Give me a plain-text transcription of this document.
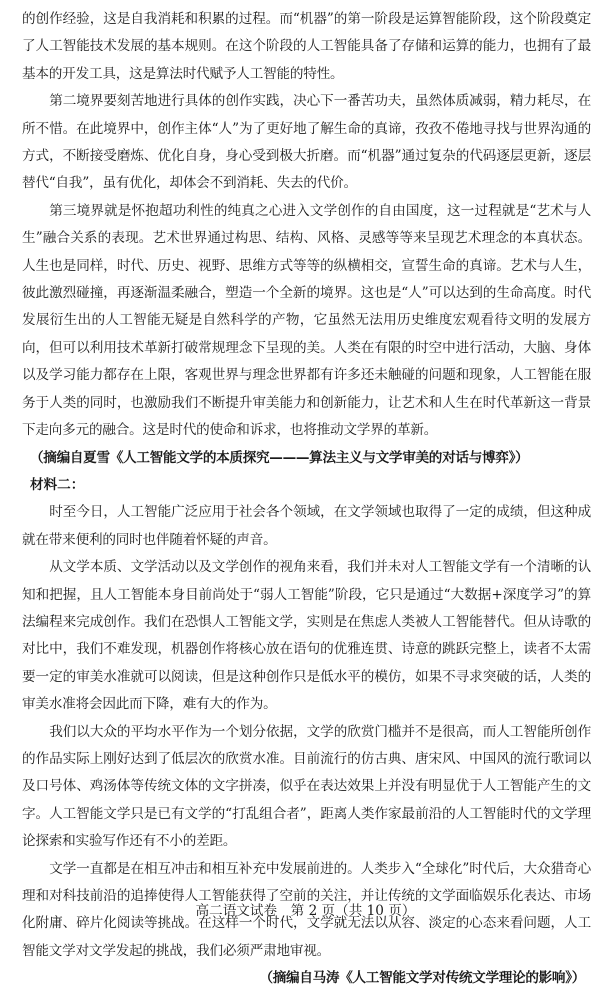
的创作经验，这是自我消耗和积累的过程。而“机器”的第一阶段是运算智能阶段，这个阶段奠定了人工智能技术发展的基本规则。在这个阶段的人工智能具备了存储和运算的能力，也拥有了最基本的开发工具，这是算法时代赋予人工智能的特性。

第二境界要刻苦地进行具体的创作实践，决心下一番苦功夫，虽然体质减弱，精力耗尽，在所不惜。在此境界中，创作主体“人”为了更好地了解生命的真谛，孜孜不倦地寻找与世界沟通的方式，不断接受磨炼、优化自身，身心受到极大折磨。而“机器”通过复杂的代码逐层更新，逐层替代“自我”，虽有优化，却体会不到消耗、失去的代价。

第三境界就是怀抱超功利性的纯真之心进入文学创作的自由国度，这一过程就是“艺术与人生”融合关系的表现。艺术世界通过构思、结构、风格、灵感等等来呈现艺术理念的本真状态。人生也是同样，时代、历史、视野、思维方式等等的纵横相交，宣誓生命的真谛。艺术与人生，彼此激烈碰撞，再逐渐温柔融合，塑造一个全新的境界。这也是“人”可以达到的生命高度。时代发展衍生出的人工智能无疑是自然科学的产物，它虽然无法用历史维度宏观看待文明的发展方向，但可以利用技术革新打破常规理念下呈现的美。人类在有限的时空中进行活动，大脑、身体以及学习能力都存在上限，客观世界与理念世界都有许多还未触碰的问题和现象，人工智能在服务于人类的同时，也激励我们不断提升审美能力和创新能力，让艺术和人生在时代革新这一背景下走向多元的融合。这是时代的使命和诉求，也将推动文学界的革新。

（摘编自夏雪《人工智能文学的本质探究———算法主义与文学审美的对话与博弈》）

材料二：

时至今日，人工智能广泛应用于社会各个领域，在文学领域也取得了一定的成绩，但这种成就在带来便利的同时也伴随着怀疑的声音。

从文学本质、文学活动以及文学创作的视角来看，我们并未对人工智能文学有一个清晰的认知和把握，且人工智能本身目前尚处于“弱人工智能”阶段，它只是通过“大数据+深度学习”的算法编程来完成创作。我们在恐惧人工智能文学，实则是在焦虑人类被人工智能替代。但从诗歌的对比中，我们不难发现，机器创作将核心放在语句的优雅连贯、诗意的跳跃完整上，读者不太需要一定的审美水准就可以阅读，但是这种创作只是低水平的模仿，如果不寻求突破的话，人类的审美水准将会因此而下降，难有大的作为。

我们以大众的平均水平作为一个划分依据，文学的欣赏门槛并不是很高，而人工智能所创作的作品实际上刚好达到了低层次的欣赏水准。目前流行的仿古典、唐宋风、中国风的流行歌词以及口号体、鸡汤体等传统文体的文字拼凑，似乎在表达效果上并没有明显优于人工智能产生的文字。人工智能文学只是已有文学的“打乱组合者”，距离人类作家最前沿的人工智能时代的文学理论探索和实验写作还有不小的差距。

文学一直都是在相互冲击和相互补充中发展前进的。人类步入“全球化”时代后，大众猎奇心理和对科技前沿的追捧使得人工智能获得了空前的关注，并让传统的文学面临娱乐化表达、市场化附庸、碎片化阅读等挑战。在这样一个时代，文学就无法以从容、淡定的心态来看问题，人工智能文学对文学发起的挑战，我们必须严肃地审视。

（摘编自马涛《人工智能文学对传统文学理论的影响》）

高二语文试卷　第 2 页（共 10 页）
